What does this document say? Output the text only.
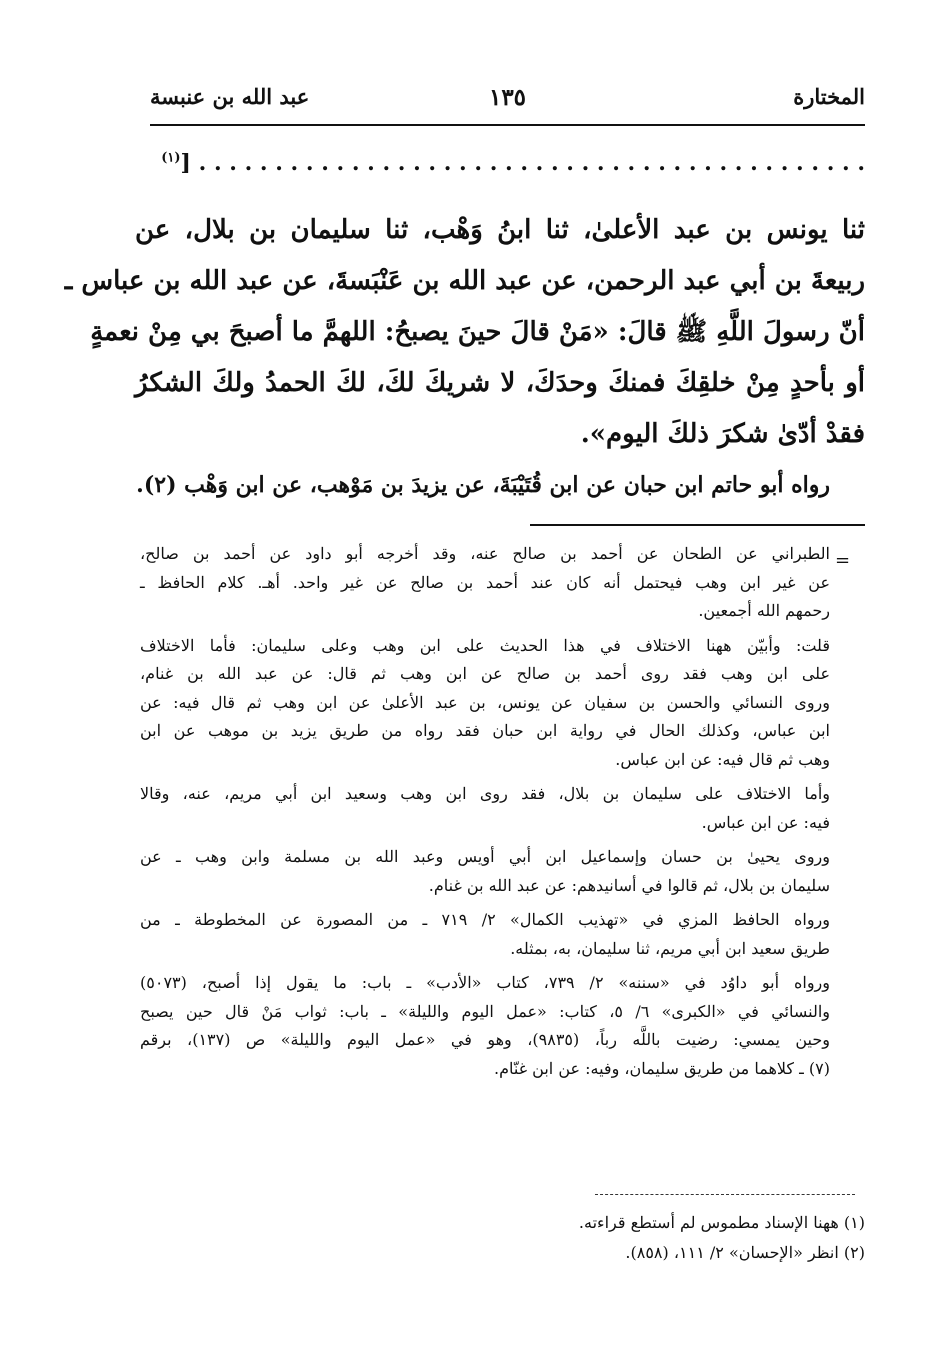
المختارة
١٣٥
عبد الله بن عنبسة
. . . . . . . . . . . . . . . . . . . . . . . . . . . . . . . . . . . . . . . . . . . . [$^{(١)}$

ثنا يونس بن عبد الأعلىٰ، ثنا ابنُ وَهْب، ثنا سليمان بن بلال، عن

ربيعةَ بن أبي عبد الرحمن، عن عبد الله بن عَنْبَسةَ، عن عبد الله بن عباس ـ

أنّ رسولَ اللَّهِ ﷺ قالَ: «مَنْ قالَ حينَ يصبحُ: اللهمَّ ما أصبحَ بي مِنْ نعمةٍ

أو بأحدٍ مِنْ خلقِكَ فمنكَ وحدَكَ، لا شريكَ لكَ، لكَ الحمدُ ولكَ الشكرُ

فقدْ أدّىٰ شكرَ ذلكَ اليوم».

رواه أبو حاتم ابن حبان عن ابن قُتَيْبَةَ، عن يزيدَ بن مَوْهب، عن ابن وَهْب (٢).
=
الطبراني عن الطحان عن أحمد بن صالح عنه، وقد أخرجه أبو داود عن أحمد بن صالح،
عن غير ابن وهب فيحتمل أنه كان عند أحمد بن صالح عن غير واحد. أهـ. كلام الحافظ ـ
رحمهم الله أجمعين.
قلت: وأبيّن ههنا الاختلاف في هذا الحديث على ابن وهب وعلى سليمان: فأما الاختلاف
على ابن وهب فقد روى أحمد بن صالح عن ابن وهب ثم قال: عن عبد الله بن غنام،
وروى النسائي والحسن بن سفيان عن يونس، بن عبد الأعلىٰ عن ابن وهب ثم قال فيه: عن
ابن عباس، وكذلك الحال في رواية ابن حبان فقد رواه من طريق يزيد بن موهب عن ابن
وهب ثم قال فيه: عن ابن عباس.
وأما الاختلاف على سليمان بن بلال، فقد روى ابن وهب وسعيد ابن أبي مريم، عنه، وقالا
فيه: عن ابن عباس.
وروى يحيىٰ بن حسان وإسماعيل ابن أبي أويس وعبد الله بن مسلمة وابن وهب ـ عن
سليمان بن بلال، ثم قالوا في أسانيدهم: عن عبد الله بن غنام.
ورواه الحافظ المزي في «تهذيب الكمال» ٢/ ٧١٩ ـ من المصورة عن المخطوطة ـ من
طريق سعيد ابن أبي مريم، ثنا سليمان، به، بمثله.
ورواه أبو داوُد في «سننه» ٢/ ٧٣٩، كتاب «الأدب» ـ باب: ما يقول إذا أصبح، (٥٠٧٣)
والنسائي في «الكبرى» ٦/ ٥، كتاب: «عمل اليوم والليلة» ـ باب: ثواب مَنْ قال حين يصبح
وحين يمسي: رضيت باللَّه رباً، (٩٨٣٥)، وهو في «عمل اليوم والليلة» ص (١٣٧)، برقم
(٧) ـ كلاهما من طريق سليمان، وفيه: عن ابن غنّام.
(١) ههنا الإسناد مطموس لم أستطع قراءته.
(٢) انظر «الإحسان» ٢/ ١١١، (٨٥٨).
